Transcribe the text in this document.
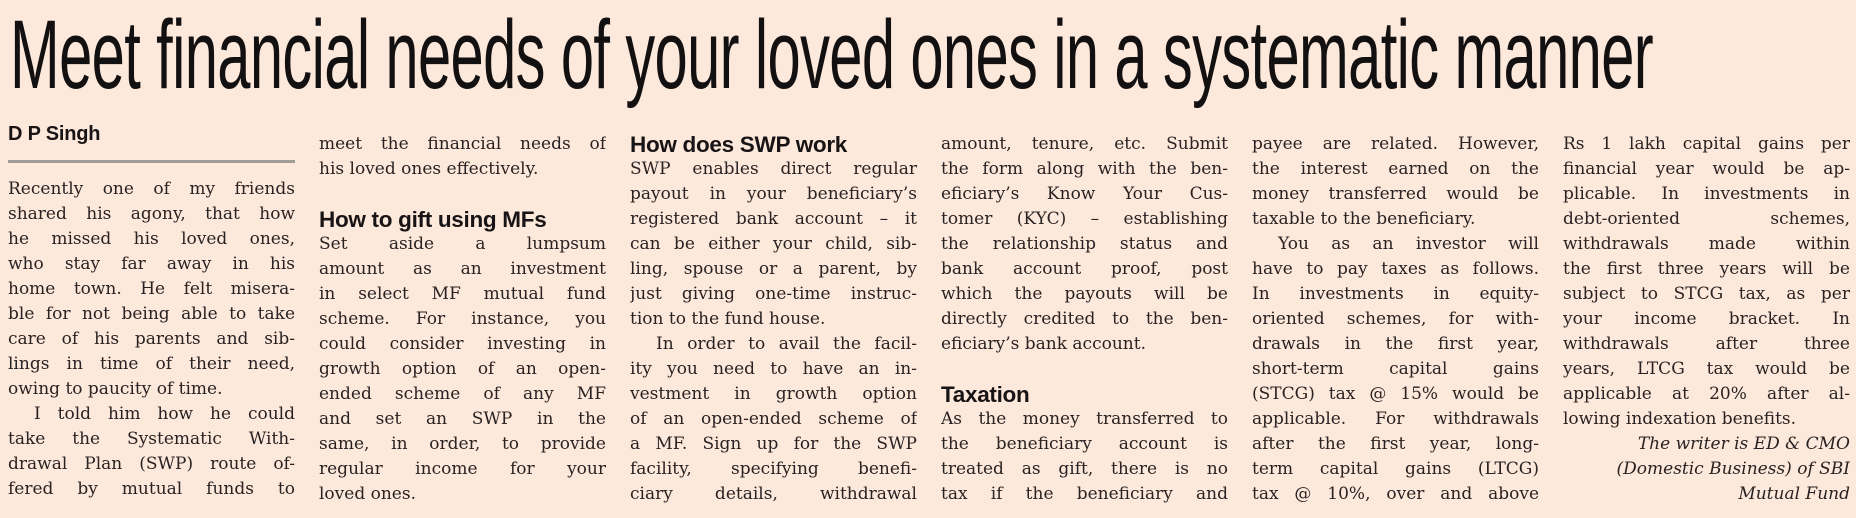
Meet financial needs of your loved ones in a systematic manner
D P Singh
Recently one of my friends
shared his agony, that how
he missed his loved ones,
who stay far away in his
home town. He felt misera-
ble for not being able to take
care of his parents and sib-
lings in time of their need,
owing to paucity of time.
I told him how he could
take the Systematic With-
drawal Plan (SWP) route of-
fered by mutual funds to
meet the financial needs of
his loved ones effectively.
How to gift using MFs
Set aside a lumpsum
amount as an investment
in select MF mutual fund
scheme. For instance, you
could consider investing in
growth option of an open-
ended scheme of any MF
and set an SWP in the
same, in order, to provide
regular income for your
loved ones.
How does SWP work
SWP enables direct regular
payout in your beneficiary’s
registered bank account – it
can be either your child, sib-
ling, spouse or a parent, by
just giving one-time instruc-
tion to the fund house.
In order to avail the facil-
ity you need to have an in-
vestment in growth option
of an open-ended scheme of
a MF. Sign up for the SWP
facility, specifying benefi-
ciary details, withdrawal
amount, tenure, etc. Submit
the form along with the ben-
eficiary’s Know Your Cus-
tomer (KYC) – establishing
the relationship status and
bank account proof, post
which the payouts will be
directly credited to the ben-
eficiary’s bank account.
Taxation
As the money transferred to
the beneficiary account is
treated as gift, there is no
tax if the beneficiary and
payee are related. However,
the interest earned on the
money transferred would be
taxable to the beneficiary.
You as an investor will
have to pay taxes as follows.
In investments in equity-
oriented schemes, for with-
drawals in the first year,
short-term capital gains
(STCG) tax @ 15% would be
applicable. For withdrawals
after the first year, long-
term capital gains (LTCG)
tax @ 10%, over and above
Rs 1 lakh capital gains per
financial year would be ap-
plicable. In investments in
debt-oriented schemes,
withdrawals made within
the first three years will be
subject to STCG tax, as per
your income bracket. In
withdrawals after three
years, LTCG tax would be
applicable at 20% after al-
lowing indexation benefits.
The writer is ED & CMO
(Domestic Business) of SBI
Mutual Fund
